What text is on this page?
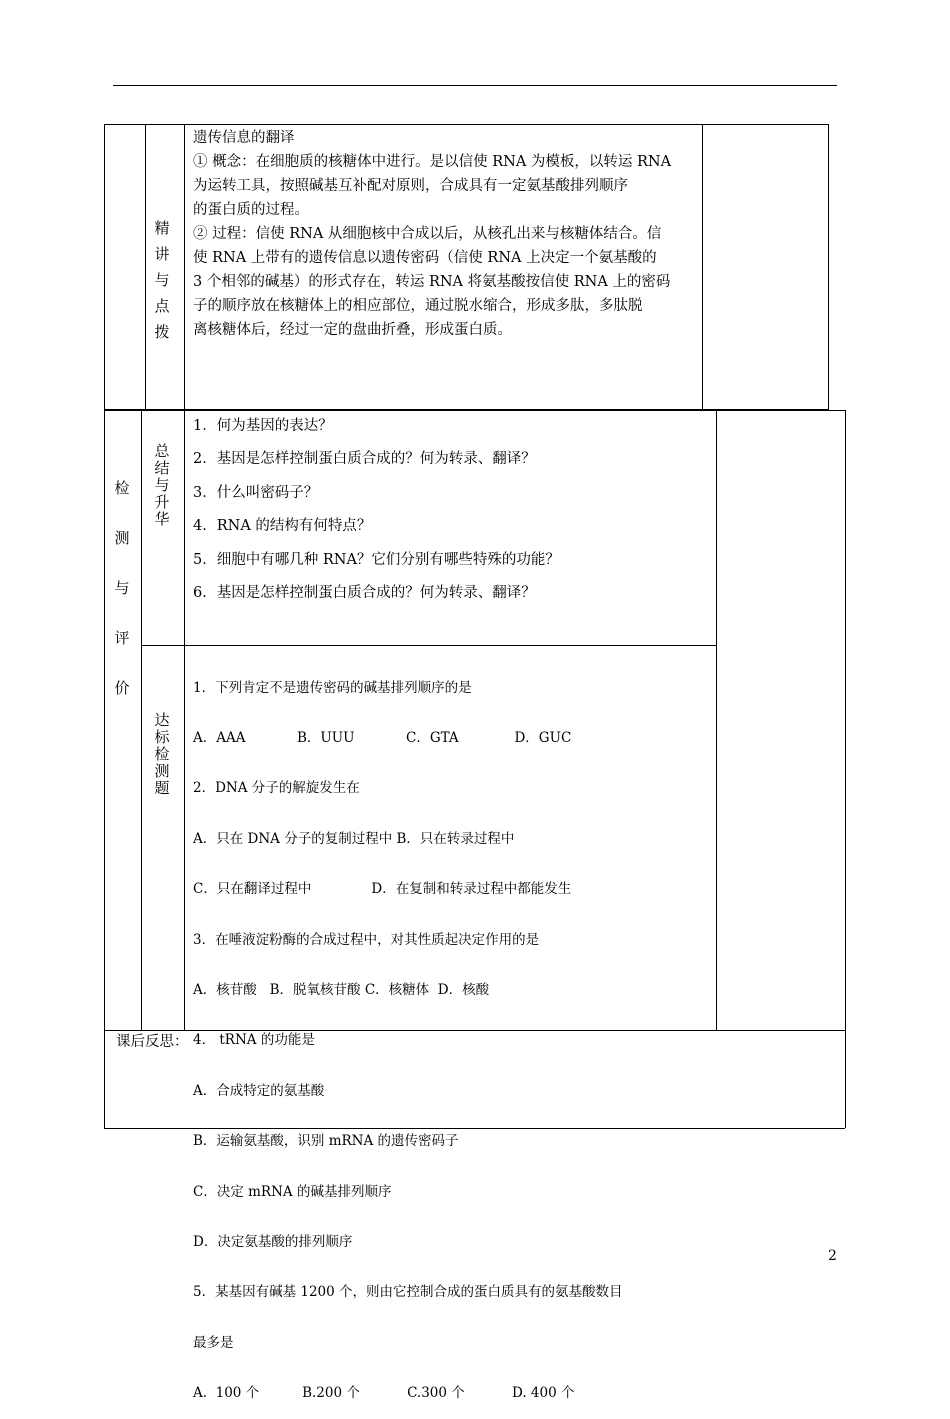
精
讲
与
点
拨
遗传信息的翻译
① 概念：在细胞质的核糖体中进行。是以信使 RNA 为模板，以转运 RNA
为运转工具，按照碱基互补配对原则，合成具有一定氨基酸排列顺序
的蛋白质的过程。
② 过程：信使 RNA 从细胞核中合成以后，从核孔出来与核糖体结合。信
使 RNA 上带有的遗传信息以遗传密码（信使 RNA 上决定一个氨基酸的
3 个相邻的碱基）的形式存在，转运 RNA 将氨基酸按信使 RNA 上的密码
子的顺序放在核糖体上的相应部位，通过脱水缩合，形成多肽，多肽脱
离核糖体后，经过一定的盘曲折叠，形成蛋白质。
检
测
与
评
价
总
结
与
升
华
1．何为基因的表达？
2．基因是怎样控制蛋白质合成的？何为转录、翻译？
3．什么叫密码子？
4．RNA 的结构有何特点？
5．细胞中有哪几种 RNA？它们分别有哪些特殊的功能？
6．基因是怎样控制蛋白质合成的？何为转录、翻译？
达
标
检
测
题

1．下列肯定不是遗传密码的碱基排列顺序的是

A．AAA            B．UUU            C．GTA             D．GUC

2．DNA 分子的解旋发生在

A．只在 DNA 分子的复制过程中 B．只在转录过程中

C．只在翻译过程中              D．在复制和转录过程中都能发生

3．在唾液淀粉酶的合成过程中，对其性质起决定作用的是

A．核苷酸   B．脱氧核苷酸 C．核糖体  D．核酸

4． tRNA 的功能是

A．合成特定的氨基酸

B．运输氨基酸，识别 mRNA 的遗传密码子

C．决定 mRNA 的碱基排列顺序

D．决定氨基酸的排列顺序

5．某基因有碱基 1200 个，则由它控制合成的蛋白质具有的氨基酸数目

最多是

A.  100 个          B.200 个           C.300 个           D. 400 个

课后反思：
2
